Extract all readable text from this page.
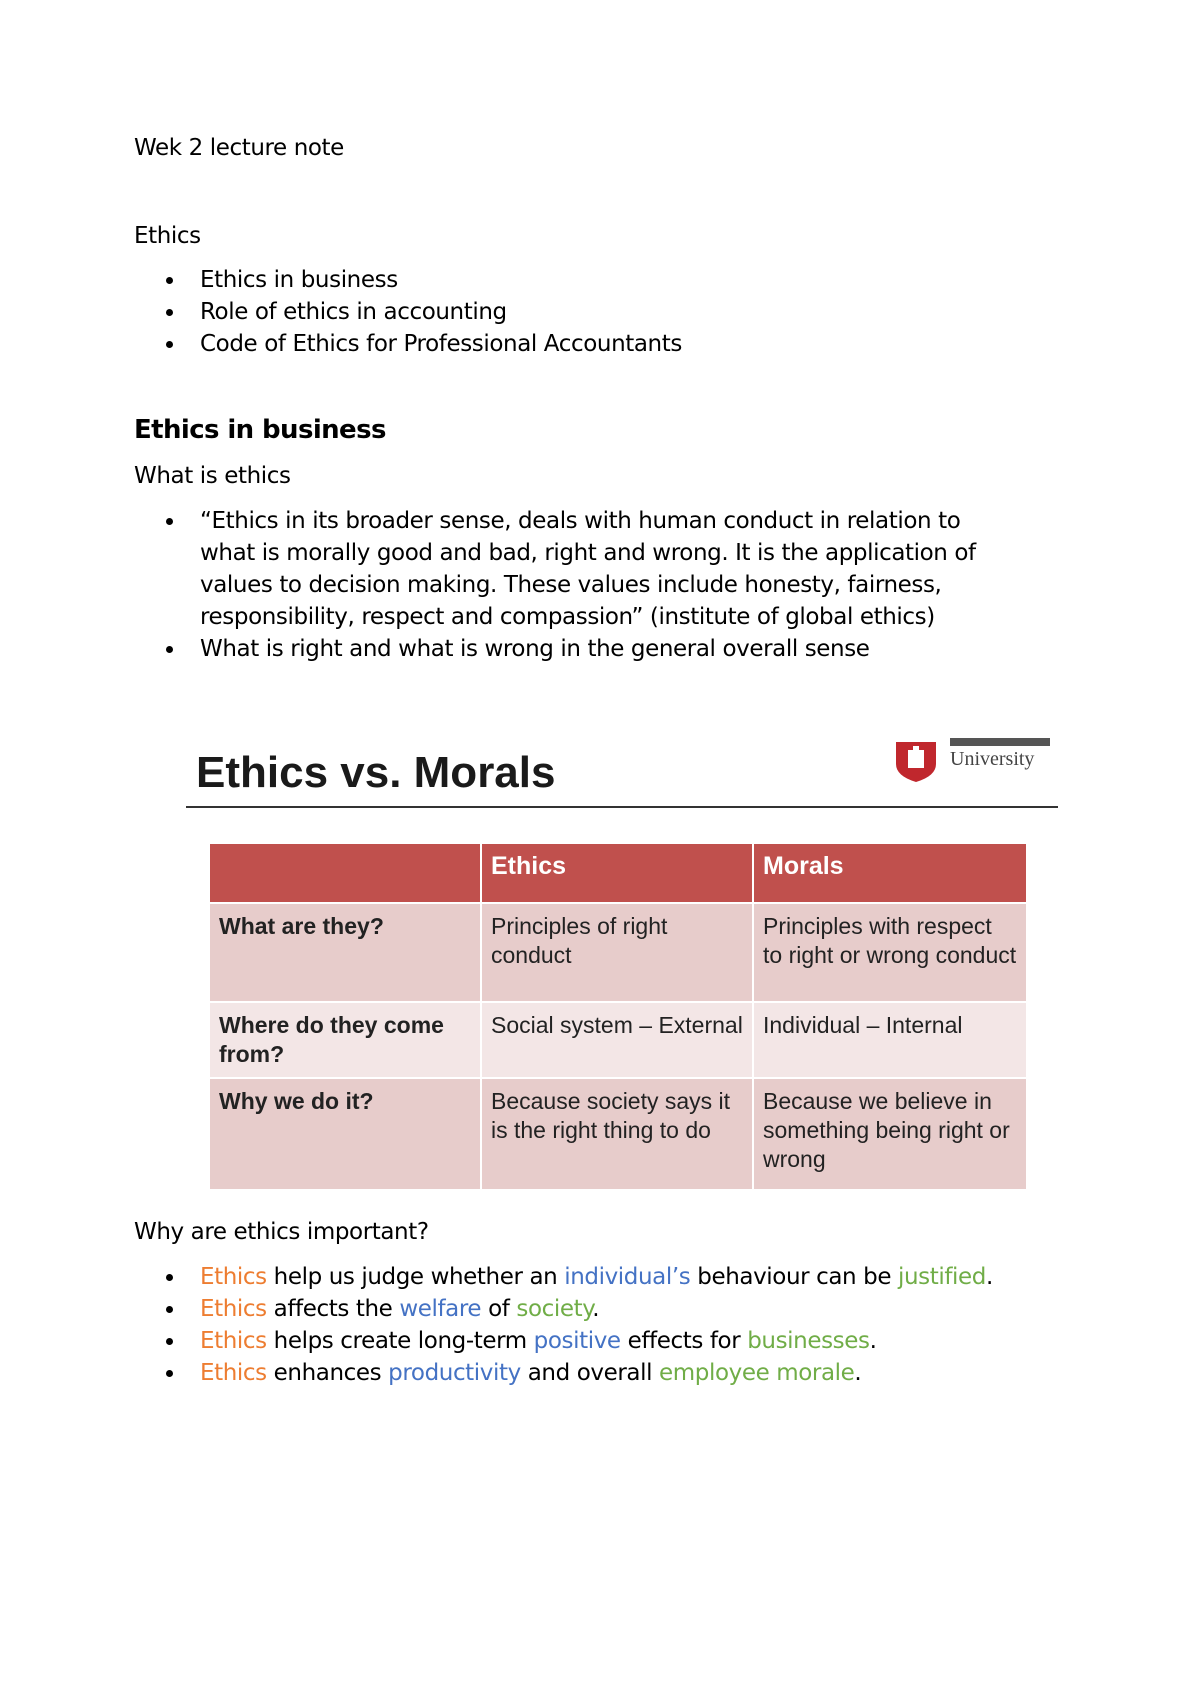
Wek 2 lecture note
Ethics
Ethics in business
Role of ethics in accounting
Code of Ethics for Professional Accountants
Ethics in business
What is ethics
“Ethics in its broader sense, deals with human conduct in relation to what is morally good and bad, right and wrong. It is the application of values to decision making. These values include honesty, fairness, responsibility, respect and compassion” (institute of global ethics)
What is right and what is wrong in the general overall sense
Ethics vs. Morals	University
	Ethics	Morals
What are they?	Principles of right conduct	Principles with respect to right or wrong conduct
Where do they come from?	Social system – External	Individual – Internal
Why we do it?	Because society says it is the right thing to do	Because we believe in something being right or wrong
Why are ethics important?
Ethics help us judge whether an individual’s behaviour can be justified.
Ethics affects the welfare of society.
Ethics helps create long-term positive effects for businesses.
Ethics enhances productivity and overall employee morale.
